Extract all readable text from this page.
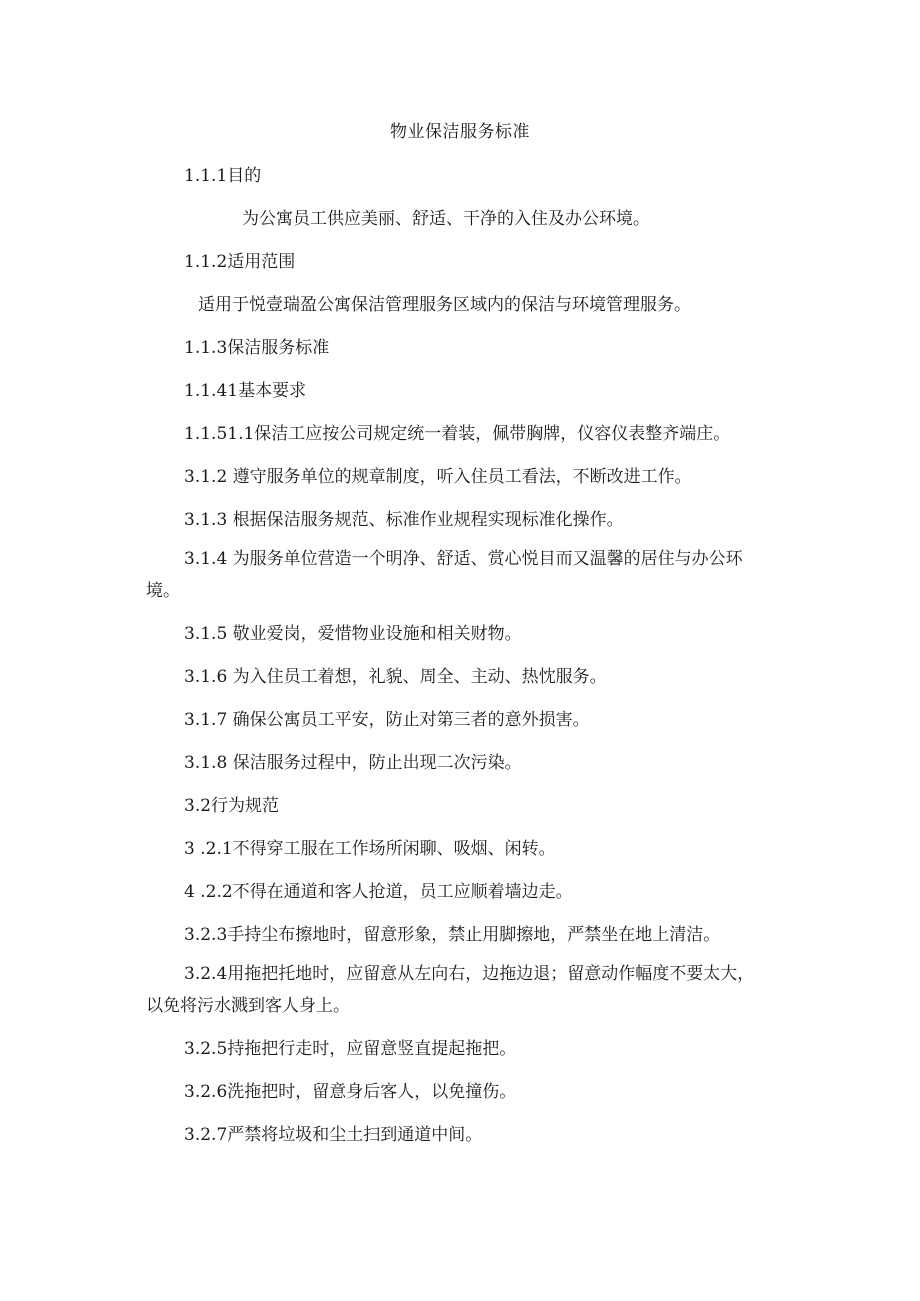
物业保洁服务标准
1.1.1目的
为公寓员工供应美丽、舒适、干净的入住及办公环境。
1.1.2适用范围
适用于悦壹瑞盈公寓保洁管理服务区域内的保洁与环境管理服务。
1.1.3保洁服务标准
1.1.41基本要求
1.1.51.1保洁工应按公司规定统一着装，佩带胸牌，仪容仪表整齐端庄。
3.1.2 遵守服务单位的规章制度，听入住员工看法，不断改进工作。
3.1.3 根据保洁服务规范、标准作业规程实现标准化操作。
3.1.4 为服务单位营造一个明净、舒适、赏心悦目而又温馨的居住与办公环境。
3.1.5 敬业爱岗，爱惜物业设施和相关财物。
3.1.6 为入住员工着想，礼貌、周全、主动、热忱服务。
3.1.7 确保公寓员工平安，防止对第三者的意外损害。
3.1.8 保洁服务过程中，防止出现二次污染。
3.2行为规范
3 .2.1不得穿工服在工作场所闲聊、吸烟、闲转。
4 .2.2不得在通道和客人抢道，员工应顺着墙边走。
3.2.3手持尘布擦地时，留意形象，禁止用脚擦地，严禁坐在地上清洁。
3.2.4用拖把托地时，应留意从左向右，边拖边退；留意动作幅度不要太大，以免将污水溅到客人身上。
3.2.5持拖把行走时，应留意竖直提起拖把。
3.2.6洗拖把时，留意身后客人，以免撞伤。
3.2.7严禁将垃圾和尘土扫到通道中间。
